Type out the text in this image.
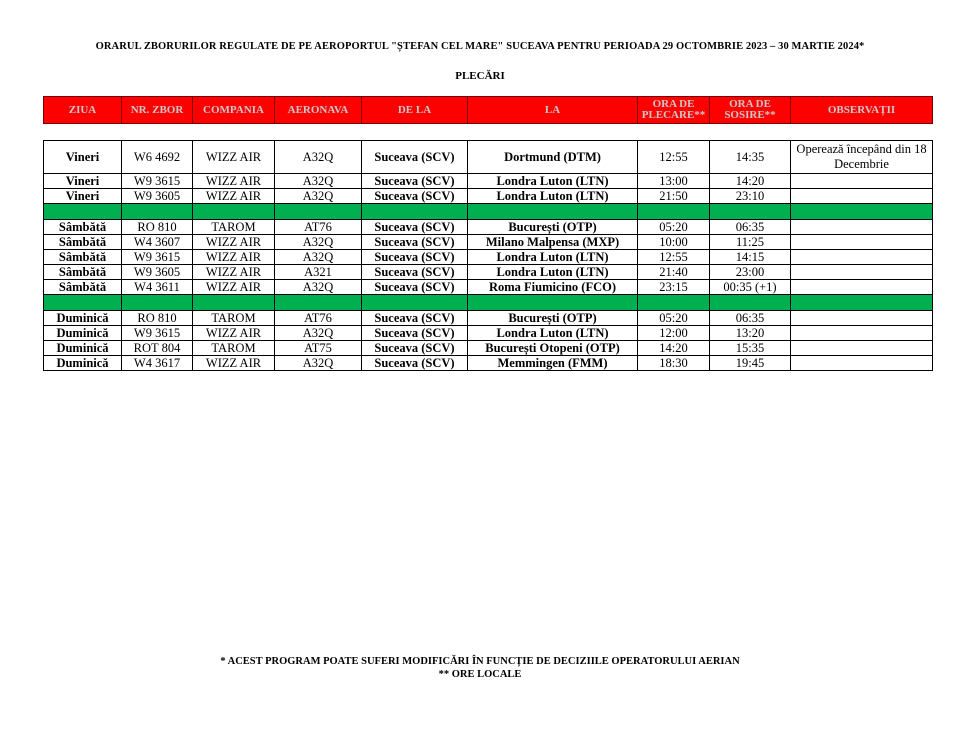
ORARUL ZBORURILOR REGULATE DE PE AEROPORTUL "ȘTEFAN CEL MARE" SUCEAVA PENTRU PERIOADA 29 OCTOMBRIE 2023 – 30 MARTIE 2024*
PLECĂRI
ZIUA	NR. ZBOR	COMPANIA	AERONAVA	DE LA	LA	ORA DE PLECARE**	ORA DE SOSIRE**	OBSERVAȚII
Vineri	W6 4692	WIZZ AIR	A32Q	Suceava (SCV)	Dortmund (DTM)	12:55	14:35	Operează începând din 18 Decembrie
Vineri	W9 3615	WIZZ AIR	A32Q	Suceava (SCV)	Londra Luton (LTN)	13:00	14:20	
Vineri	W9 3605	WIZZ AIR	A32Q	Suceava (SCV)	Londra Luton (LTN)	21:50	23:10	

Sâmbătă	RO 810	TAROM	AT76	Suceava (SCV)	București (OTP)	05:20	06:35	
Sâmbătă	W4 3607	WIZZ AIR	A32Q	Suceava (SCV)	Milano Malpensa (MXP)	10:00	11:25	
Sâmbătă	W9 3615	WIZZ AIR	A32Q	Suceava (SCV)	Londra Luton (LTN)	12:55	14:15	
Sâmbătă	W9 3605	WIZZ AIR	A321	Suceava (SCV)	Londra Luton (LTN)	21:40	23:00	
Sâmbătă	W4 3611	WIZZ AIR	A32Q	Suceava (SCV)	Roma Fiumicino (FCO)	23:15	00:35 (+1)	

Duminică	RO 810	TAROM	AT76	Suceava (SCV)	București (OTP)	05:20	06:35	
Duminică	W9 3615	WIZZ AIR	A32Q	Suceava (SCV)	Londra Luton (LTN)	12:00	13:20	
Duminică	ROT 804	TAROM	AT75	Suceava (SCV)	București Otopeni (OTP)	14:20	15:35	
Duminică	W4 3617	WIZZ AIR	A32Q	Suceava (SCV)	Memmingen (FMM)	18:30	19:45	
* ACEST PROGRAM POATE SUFERI MODIFICĂRI ÎN FUNCȚIE DE DECIZIILE OPERATORULUI AERIAN
** ORE LOCALE
